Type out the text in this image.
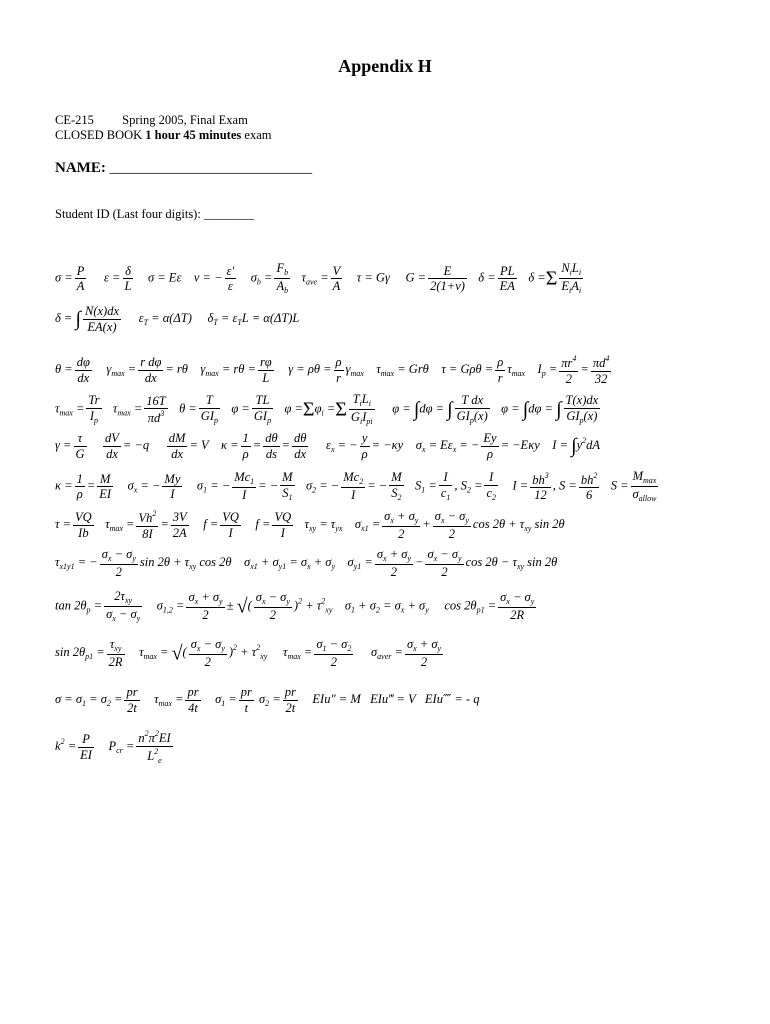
Appendix H
CE-215 Spring 2005, Final Exam
CLOSED BOOK 1 hour 45 minutes exam
NAME: ___________________________
Student ID (Last four digits): ________
$\sigma = \frac{P}{A}$ $\varepsilon = \frac{\delta}{L}$ σ = Eε    ν = − $\frac{\varepsilon'}{\varepsilon} \sigma_b = \frac{F_b}{A_b} \tau_{ave} = \frac{V}{A}$ τ = Gγ     $G = \frac{E}{2(1+\nu)}$ $\delta = \frac{PL}{EA}$ $\delta =\Sigma \frac{N_iL_i}{E_iA_i}$
δ = ∫ $\frac{N(x)dx}{EA(x)} \varepsilon_T = \alpha(\Delta T)$     $\delta_T = \varepsilon_TL = \alpha(\Delta T)L$
$\theta = \frac{d\varphi}{dx} \gamma_{max} = \frac{\text{r dφ}}{dx} = r\theta$    $\gamma_{max} = r\theta = \frac{r\varphi}{L}$ $\gamma = \rho\theta = \frac{\rho}{r} \gamma_{max}$    $\tau_{max} = Gr\theta$    $\tau = G\rho\theta = \frac{\rho}{r} \tau_{max}$    $I_p = \frac{\pi r^4}{2} = \frac{\pi d^4}{32}$
$\tau_{max} = \frac{Tr}{I_p} \tau_{max} = \frac{16T}{\pi d^3}$ $\theta = \frac{T}{GI_p}$ $\varphi = \frac{TL}{GI_p}$ $\varphi =\Sigma\varphi_i =\Sigma \frac{T_iL_i}{G_iI_{pi}}$ φ = ∫dφ = ∫ $\frac{\text{T dx}}{GI_p(x)}$ φ = ∫dφ = ∫ $\frac{T(x)dx}{GI_p(x)}$
$\gamma = \frac{\tau}{G}$
$\frac{dV}{dx} = -q \frac{dM}{dx} = V$    $\kappa = \frac{1}{\rho} = \frac{d\theta}{ds} = \frac{d\theta}{dx} \varepsilon_x$ = − $\frac{y}{\rho} = -\kappa y$    $\sigma_x = E\varepsilon_x$ = − $\frac{Ey}{\rho} = -E\kappa y$    $I = \int y^2dA$
$\kappa = \frac{1}{\rho} = \frac{M}{EI} \sigma_x$ = − $\frac{My}{I} \sigma_1$ = − $\frac{Mc_1}{I}$ = − $\frac{M}{S_1} \sigma_2$ = − $\frac{Mc_2}{I}$ = − $\frac{M}{S_2} S_1 = \frac{I}{c_1}$ , $S_2 = \frac{I}{c_2}$ $I = \frac{bh^3}{12}$ , $S = \frac{bh^2}{6}$ $S = \frac{M_{max}}{\sigma_{allow}}$
$\tau = \frac{VQ}{Ib} \tau_{max} = \frac{Vh^2}{8I} = \frac{3V}{2A}$ $f = \frac{VQ}{I}$ $f = \frac{VQ}{I} \tau_{xy} = \tau_{yx}$    $\sigma_{x1} = \frac{\sigma_x + \sigma_y}{2} + \frac{\sigma_x - \sigma_y}{2}$ $\cos 2\theta + \tau_{xy}$ sin 2θ
$\tau_{x1y1}$ = − $\frac{\sigma_x - \sigma_y}{2}$ $\sin 2\theta + \tau_{xy}$ cos 2θ    $\sigma_{x1} + \sigma_{y1} = \sigma_x + \sigma_y$    $\sigma_{y1} = \frac{\sigma_x + \sigma_y}{2} - \frac{\sigma_x - \sigma_y}{2}$ $\cos 2\theta - \tau_{xy}$ sin 2θ
$\tan 2\theta_p = \frac{2\tau_{xy}}{\sigma_x - \sigma_y} \sigma_{1,2} = \frac{\sigma_x + \sigma_y}{2}$ ± √( $\frac{\sigma_x - \sigma_y}{2} )^2 + \tau^2_{xy}$    $\sigma_1 + \sigma_2 = \sigma_x + \sigma_y$     $\cos 2\theta_{p1} = \frac{\sigma_x - \sigma_y}{2R}$
$\sin 2\theta_{p1} = \frac{\tau_{xy}}{2R} \tau_{max}$ = √( $\frac{\sigma_x - \sigma_y}{2} )^2 + \tau^2_{xy}$     $\tau_{max} = \frac{\sigma_1 - \sigma_2}{2} \sigma_{aver} = \frac{\sigma_x + \sigma_y}{2}$
$\sigma = \sigma_1 = \sigma_2 = \frac{pr}{2t} \tau_{max} = \frac{pr}{4t} \sigma_1 = \frac{pr}{t} \sigma_2 = \frac{pr}{2t} EIu'' = M$   EIu‴ = V   EIu⁗ = - q
$k^2 = \frac{P}{EI} P_{cr} = \frac{n^2\pi^2EI}{L^2_e}$
